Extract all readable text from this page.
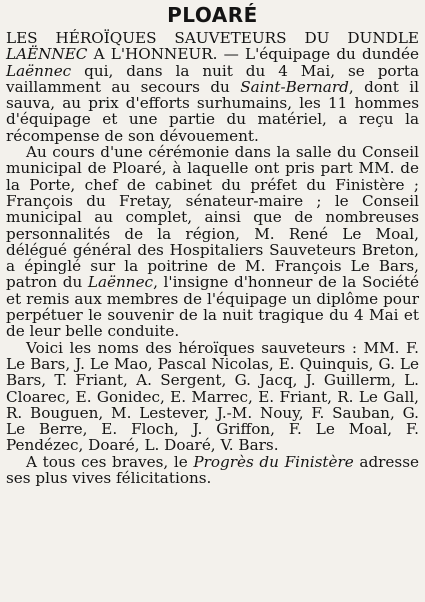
PLOARÉ

LES HÉROÏQUES SAUVETEURS DU DUNDLE LAËNNEC A L'HONNEUR. — L'équipage du dundée Laënnec qui, dans la nuit du 4 Mai, se porta vaillamment au secours du Saint-Bernard, dont il sauva, au prix d'efforts surhumains, les 11 hommes d'équipage et une partie du matériel, a reçu la récompense de son dévouement.

Au cours d'une cérémonie dans la salle du Conseil municipal de Ploaré, à laquelle ont pris part MM. de la Porte, chef de cabinet du préfet du Finistère ; François du Fretay, sénateur-maire ; le Conseil municipal au complet, ainsi que de nombreuses personnalités de la région, M. René Le Moal, délégué général des Hospitaliers Sauveteurs Breton, a épinglé sur la poitrine de M. François Le Bars, patron du Laënnec, l'insigne d'honneur de la Société et remis aux membres de l'équipage un diplôme pour perpétuer le souvenir de la nuit tragique du 4 Mai et de leur belle conduite.

Voici les noms des héroïques sauveteurs : MM. F. Le Bars, J. Le Mao, Pascal Nicolas, E. Quinquis, G. Le Bars, T. Friant, A. Sergent, G. Jacq, J. Guillerm, L. Cloarec, E. Gonidec, E. Marrec, E. Friant, R. Le Gall, R. Bouguen, M. Lestever, J.-M. Nouy, F. Sauban, G. Le Berre, E. Floch, J. Griffon, F. Le Moal, F. Pendézec, Doaré, L. Doaré, V. Bars.

A tous ces braves, le Progrès du Finistère adresse ses plus vives félicitations.
